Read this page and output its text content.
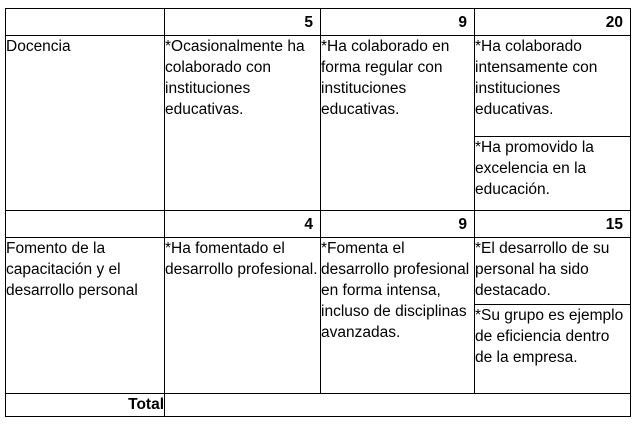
	5	9	20
Docencia	*Ocasionalmente ha colaborado con instituciones educativas.	*Ha colaborado en forma regular con instituciones educativas.	*Ha colaborado intensamente con instituciones educativas.
			*Ha promovido la excelencia en la educación.
	4	9	15
Fomento de la capacitación y el desarrollo personal	*Ha fomentado el desarrollo profesional.	*Fomenta el desarrollo profesional en forma intensa, incluso de disciplinas avanzadas.	*El desarrollo de su personal ha sido destacado.
			*Su grupo es ejemplo de eficiencia dentro de la empresa.
Total			
